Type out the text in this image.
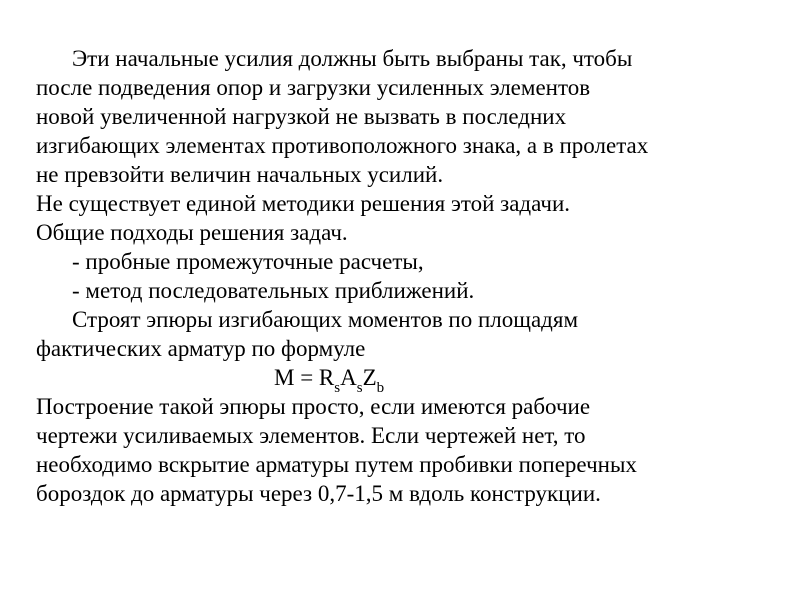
Эти начальные усилия должны быть выбраны так, чтобы
после подведения опор и загрузки усиленных элементов
новой увеличенной нагрузкой не вызвать в последних
изгибающих элементах противоположного знака, а в пролетах
не превзойти величин начальных усилий.
Не существует единой методики решения этой задачи.
Общие подходы решения задач.
- пробные промежуточные расчеты,
- метод последовательных приближений.
Строят эпюры изгибающих моментов по площадям
фактических арматур по формуле
$M = R_sA_sZ_b$
Построение такой эпюры просто, если имеются рабочие
чертежи усиливаемых элементов. Если чертежей нет, то
необходимо вскрытие арматуры путем пробивки поперечных
бороздок до арматуры через 0,7-1,5 м вдоль конструкции.
